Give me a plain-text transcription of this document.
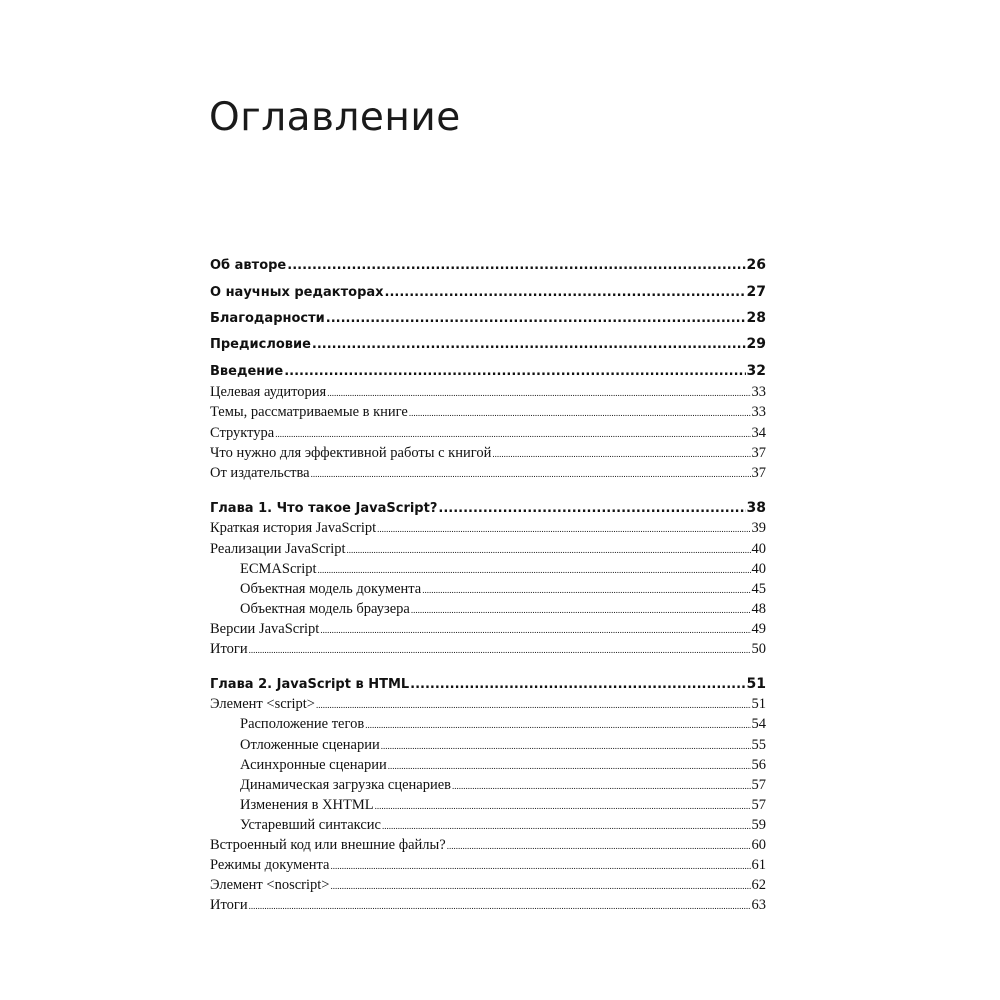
Оглавление
Об авторе .....	26
О научных редакторах .....	27
Благодарности .....	28
Предисловие .....	29
Введение .....	32
Целевая аудитория .....	33
Темы, рассматриваемые в книге .....	33
Структура .....	34
Что нужно для эффективной работы с книгой .....	37
От издательства .....	37
Глава 1. Что такое JavaScript? .....	38
Краткая история JavaScript .....	39
Реализации JavaScript .....	40
ECMAScript .....	40
Объектная модель документа .....	45
Объектная модель браузера .....	48
Версии JavaScript .....	49
Итоги .....	50
Глава 2. JavaScript в HTML .....	51
Элемент <script> .....	51
Расположение тегов .....	54
Отложенные сценарии .....	55
Асинхронные сценарии .....	56
Динамическая загрузка сценариев .....	57
Изменения в XHTML .....	57
Устаревший синтаксис .....	59
Встроенный код или внешние файлы? .....	60
Режимы документа .....	61
Элемент <noscript> .....	62
Итоги .....	63
